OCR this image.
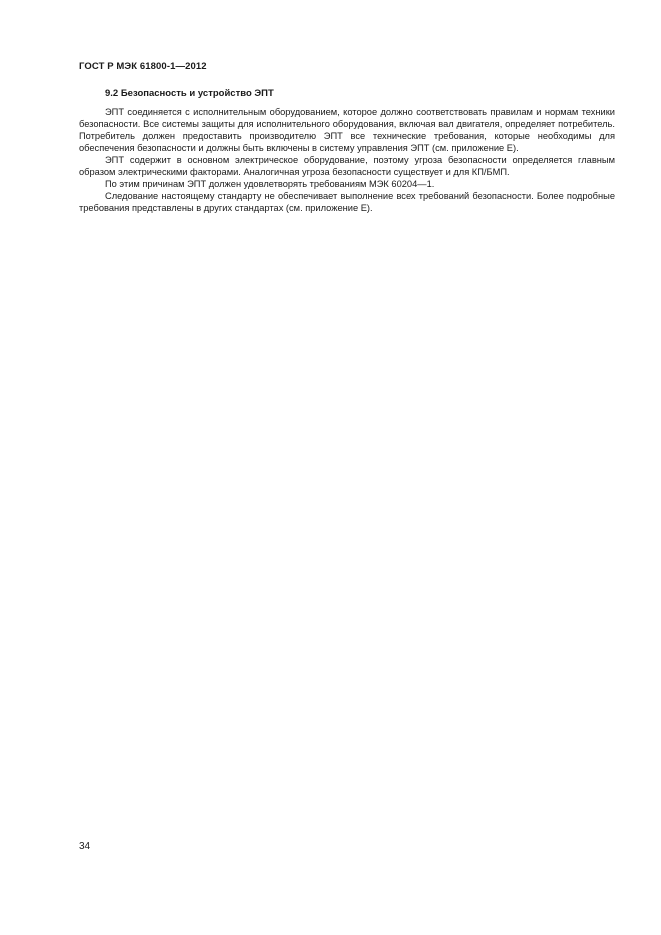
ГОСТ Р МЭК 61800-1—2012
9.2 Безопасность и устройство ЭПТ

ЭПТ соединяется с исполнительным оборудованием, которое должно соответствовать правилам и нормам техники безопасности. Все системы защиты для исполнительного оборудования, включая вал двигателя, определяет потребитель. Потребитель должен предоставить производителю ЭПТ все технические требования, которые необходимы для обеспечения безопасности и должны быть включены в систему управления ЭПТ (см. приложение Е).

ЭПТ содержит в основном электрическое оборудование, поэтому угроза безопасности определяется главным образом электрическими факторами. Аналогичная угроза безопасности существует и для КП/БМП.

По этим причинам ЭПТ должен удовлетворять требованиям МЭК 60204—1.

Следование настоящему стандарту не обеспечивает выполнение всех требований безопасности. Более подробные требования представлены в других стандартах (см. приложение Е).

34
